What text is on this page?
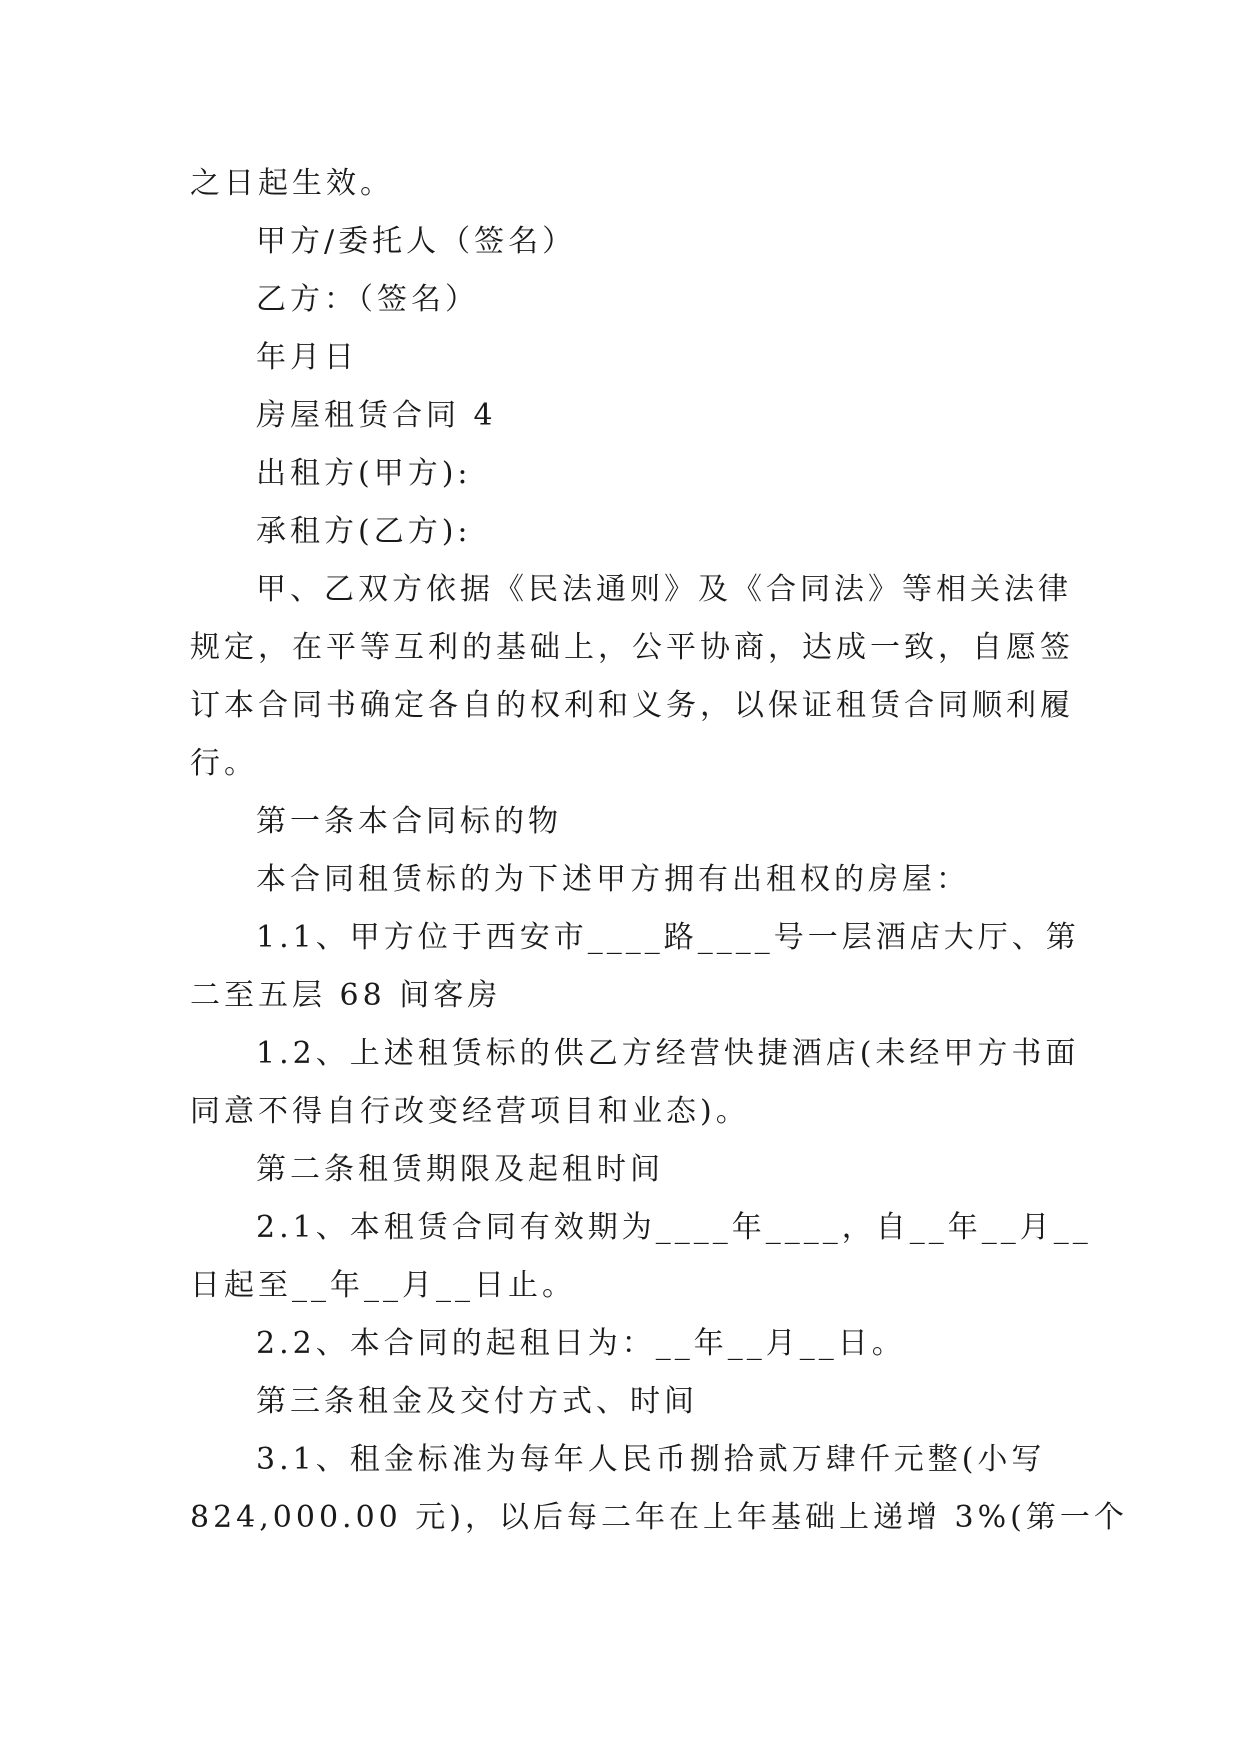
之日起生效。
甲方/委托人（签名）
乙方：（签名）
年月日
房屋租赁合同 4
出租方(甲方):
承租方(乙方):
甲、乙双方依据《民法通则》及《合同法》等相关法律
规定，在平等互利的基础上，公平协商，达成一致，自愿签
订本合同书确定各自的权利和义务，以保证租赁合同顺利履
行。
第一条本合同标的物
本合同租赁标的为下述甲方拥有出租权的房屋：
1.1、甲方位于西安市____路____号一层酒店大厅、第
二至五层 68 间客房
1.2、上述租赁标的供乙方经营快捷酒店(未经甲方书面
同意不得自行改变经营项目和业态)。
第二条租赁期限及起租时间
2.1、本租赁合同有效期为____年____，自__年__月__
日起至__年__月__日止。
2.2、本合同的起租日为：__年__月__日。
第三条租金及交付方式、时间
3.1、租金标准为每年人民币捌拾贰万肆仟元整(小写
824,000.00 元)，以后每二年在上年基础上递增 3%(第一个
